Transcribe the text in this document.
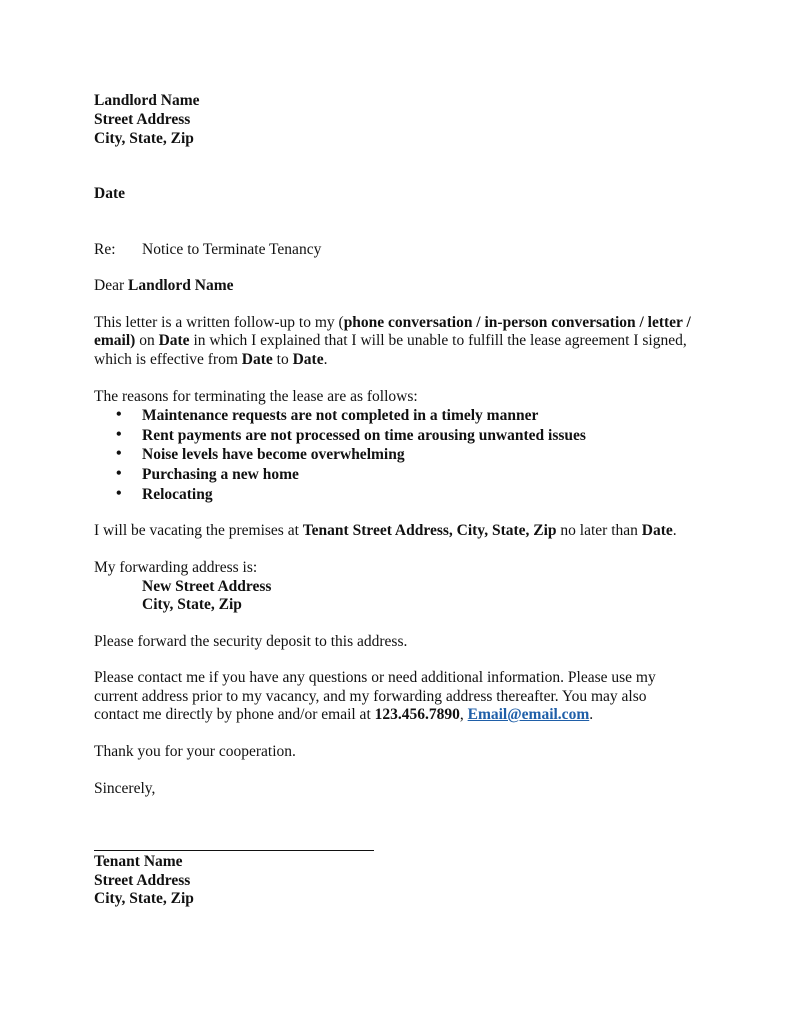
Landlord Name
Street Address
City, State, Zip
Date
Re: Notice to Terminate Tenancy
Dear Landlord Name
This letter is a written follow-up to my (phone conversation / in-person conversation / letter /
email) on Date in which I explained that I will be unable to fulfill the lease agreement I signed,
which is effective from Date to Date.
The reasons for terminating the lease are as follows:
• Maintenance requests are not completed in a timely manner
• Rent payments are not processed on time arousing unwanted issues
• Noise levels have become overwhelming
• Purchasing a new home
• Relocating
I will be vacating the premises at Tenant Street Address, City, State, Zip no later than Date.
My forwarding address is:
New Street Address
City, State, Zip
Please forward the security deposit to this address.
Please contact me if you have any questions or need additional information. Please use my
current address prior to my vacancy, and my forwarding address thereafter. You may also
contact me directly by phone and/or email at 123.456.7890, Email@email.com.
Thank you for your cooperation.
Sincerely,
Tenant Name
Street Address
City, State, Zip
